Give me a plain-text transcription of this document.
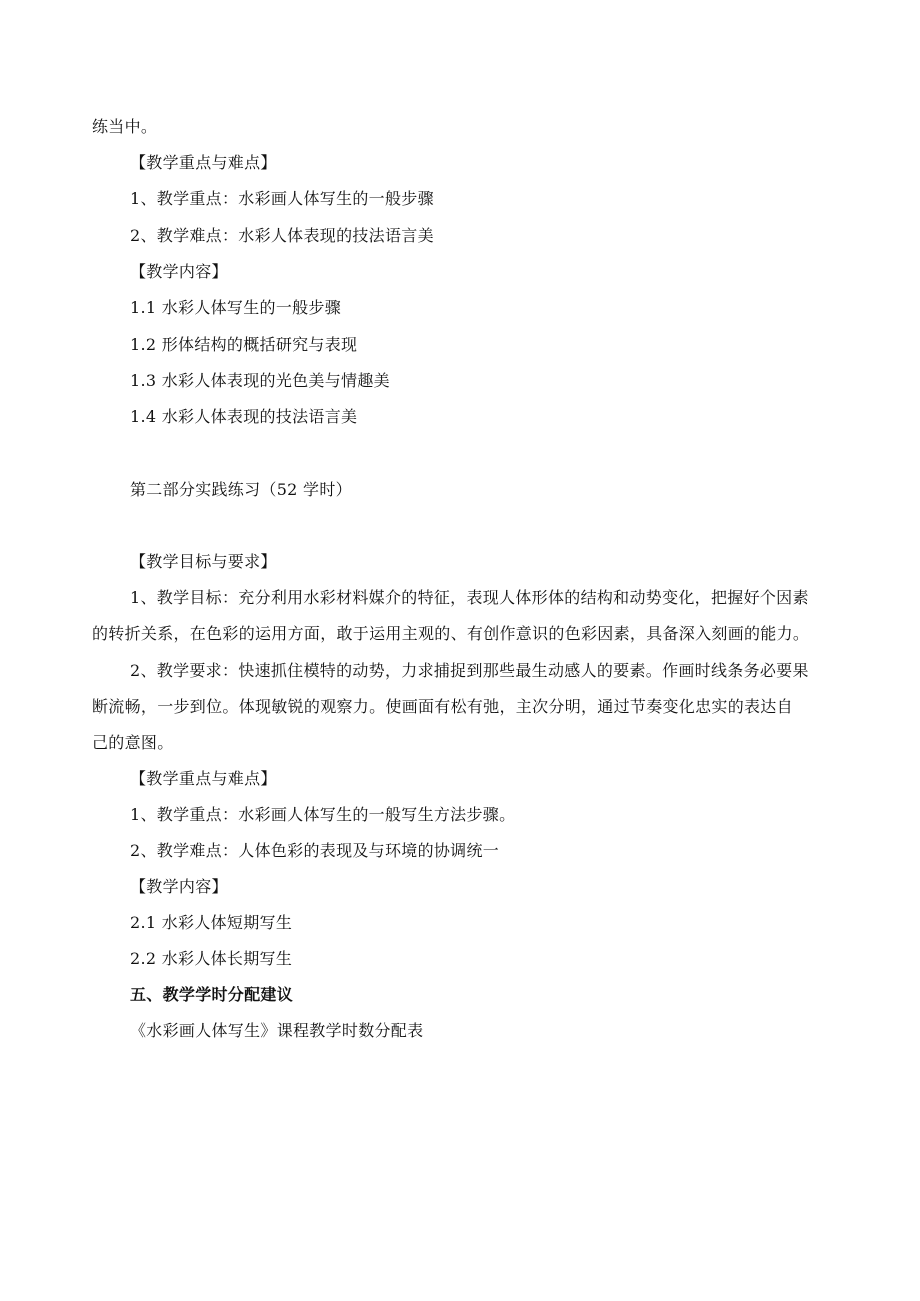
练当中。
【教学重点与难点】
1、教学重点：水彩画人体写生的一般步骤
2、教学难点：水彩人体表现的技法语言美
【教学内容】
1.1 水彩人体写生的一般步骤
1.2 形体结构的概括研究与表现
1.3 水彩人体表现的光色美与情趣美
1.4 水彩人体表现的技法语言美
第二部分实践练习（52 学时）
【教学目标与要求】
1、教学目标：充分利用水彩材料媒介的特征，表现人体形体的结构和动势变化，把握好个因素
的转折关系，在色彩的运用方面，敢于运用主观的、有创作意识的色彩因素，具备深入刻画的能力。
2、教学要求：快速抓住模特的动势，力求捕捉到那些最生动感人的要素。作画时线条务必要果
断流畅，一步到位。体现敏锐的观察力。使画面有松有弛，主次分明，通过节奏变化忠实的表达自
己的意图。
【教学重点与难点】
1、教学重点：水彩画人体写生的一般写生方法步骤。
2、教学难点：人体色彩的表现及与环境的协调统一
【教学内容】
2.1 水彩人体短期写生
2.2 水彩人体长期写生
五、教学学时分配建议
《水彩画人体写生》课程教学时数分配表
